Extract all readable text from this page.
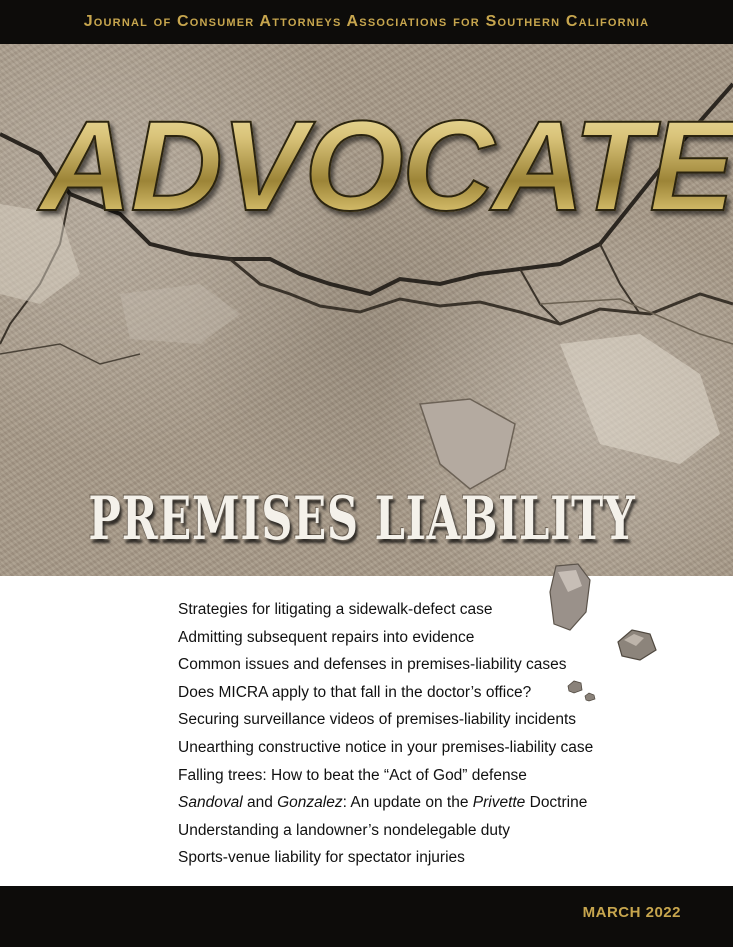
Journal of Consumer Attorneys Associations for Southern California
ADVOCATE
PREMISES LIABILITY
Strategies for litigating a sidewalk-defect case
Admitting subsequent repairs into evidence
Common issues and defenses in premises-liability cases
Does MICRA apply to that fall in the doctor’s office?
Securing surveillance videos of premises-liability incidents
Unearthing constructive notice in your premises-liability case
Falling trees: How to beat the “Act of God” defense
Sandoval and Gonzalez: An update on the Privette Doctrine
Understanding a landowner’s nondelegable duty
Sports-venue liability for spectator injuries
MARCH 2022
